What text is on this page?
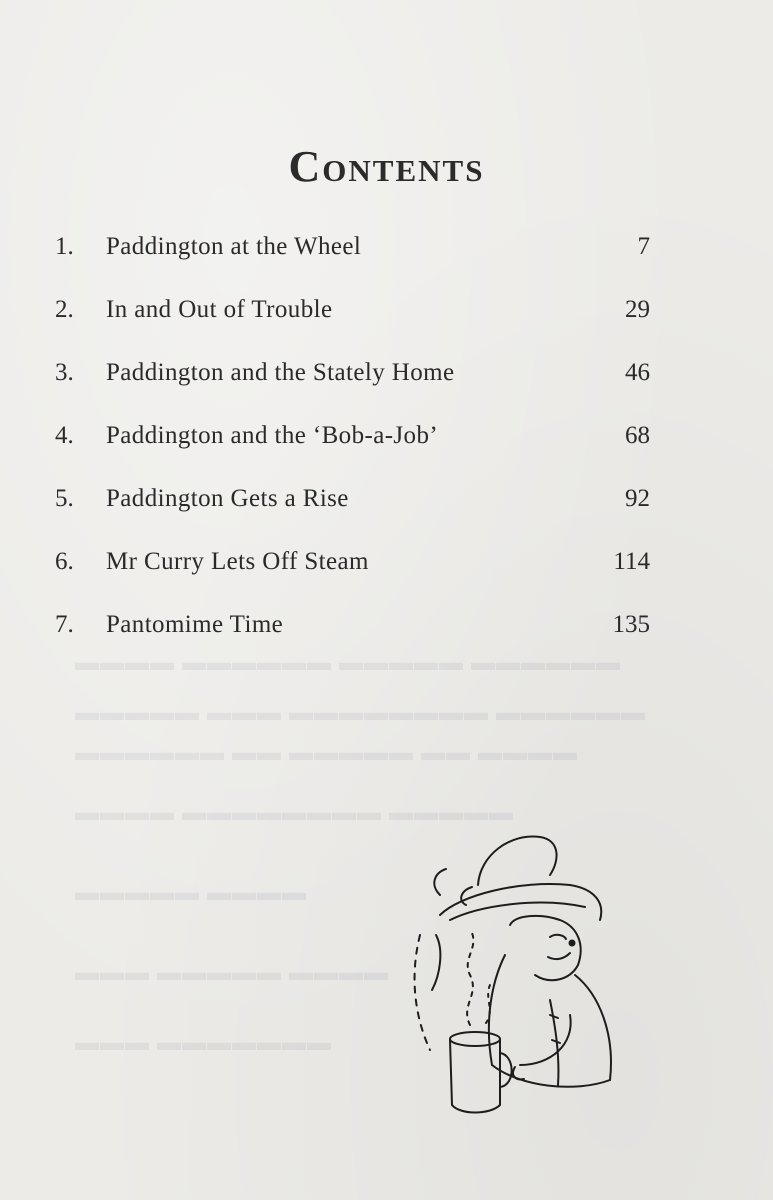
▬▬▬▬ ▬▬▬▬▬▬ ▬▬▬▬▬ ▬▬▬▬▬▬
▬▬▬▬▬ ▬▬▬ ▬▬▬▬▬▬▬▬ ▬▬▬▬▬▬
▬▬▬▬▬▬ ▬▬ ▬▬▬▬▬ ▬▬ ▬▬▬▬
▬▬▬▬ ▬▬▬▬▬▬▬▬ ▬▬▬▬▬
▬▬▬▬▬ ▬▬▬▬
▬▬▬ ▬▬▬▬▬ ▬▬▬▬
▬▬▬ ▬▬▬▬▬▬▬
Contents
1. Paddington at the Wheel	7
2. In and Out of Trouble	29
3. Paddington and the Stately Home	46
4. Paddington and the ‘Bob-a-Job’	68
5. Paddington Gets a Rise	92
6. Mr Curry Lets Off Steam	114
7. Pantomime Time	135
